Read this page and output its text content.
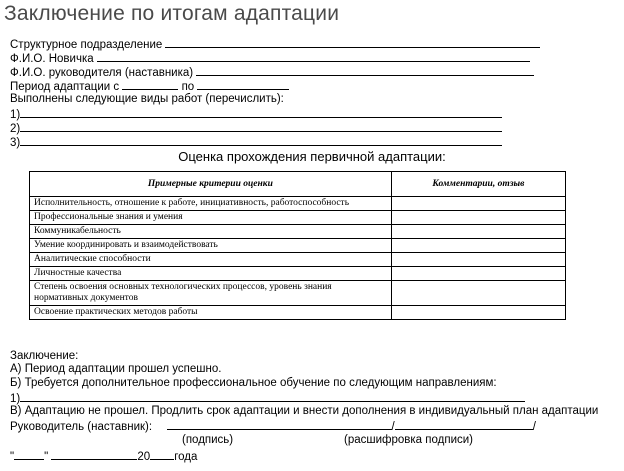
Заключение по итогам адаптации
Структурное подразделение
Ф.И.О. Новичка
Ф.И.О. руководителя (наставника)
Период адаптации с	по
Выполнены следующие виды работ (перечислить):
1)
2)
3)
Оценка прохождения первичной адаптации:
Примерные критерии оценки	Комментарии, отзыв
Исполнительность, отношение к работе, инициативность, работоспособность	
Профессиональные знания и умения	
Коммуникабельность	
Умение координировать и взаимодействовать	
Аналитические способности	
Личностные качества	
Степень освоения основных технологических процессов, уровень знания нормативных документов	
Освоение практических методов работы	
Заключение:
А) Период адаптации прошел успешно.
Б) Требуется дополнительное профессиональное обучение по следующим направлениям:
1)
В) Адаптацию не прошел. Продлить срок адаптации и внести дополнения в индивидуальный план адаптации
Руководитель (наставник):	/	/
(подпись)	(расшифровка подписи)
"	"	20 года
